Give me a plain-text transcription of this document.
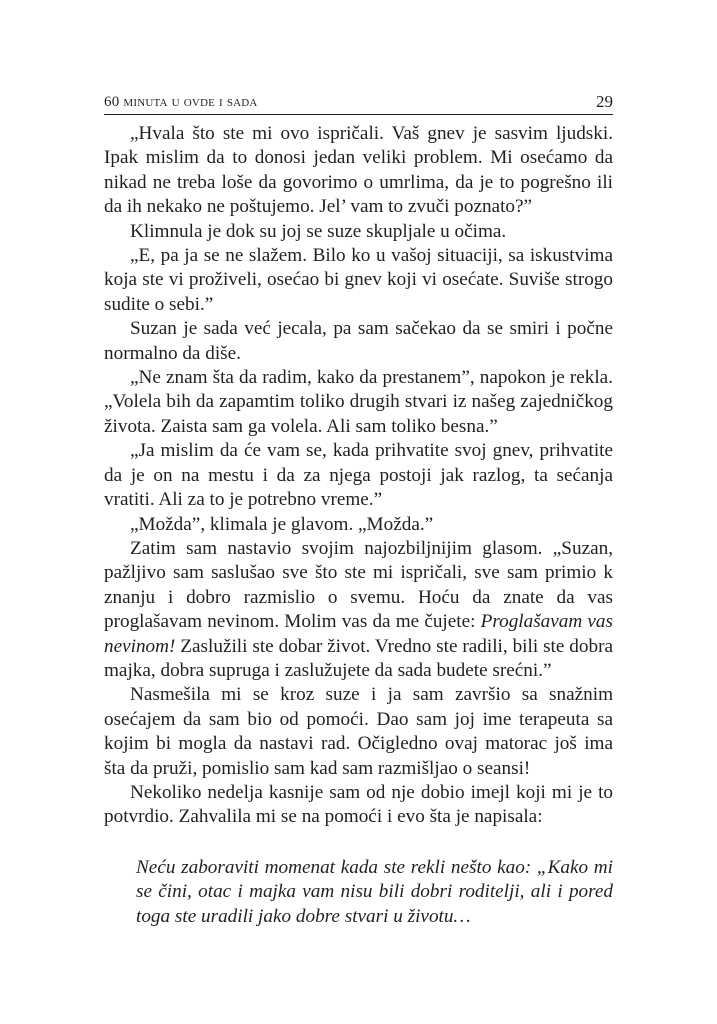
60 minuta u ovde i sada	29

„Hvala što ste mi ovo ispričali. Vaš gnev je sasvim ljudski. Ipak mislim da to donosi jedan veliki problem. Mi osećamo da nikad ne treba loše da govorimo o umrlima, da je to pogrešno ili da ih nekako ne poštujemo. Jel’ vam to zvuči poznato?”

Klimnula je dok su joj se suze skupljale u očima.

„E, pa ja se ne slažem. Bilo ko u vašoj situaciji, sa iskustvima koja ste vi proživeli, osećao bi gnev koji vi osećate. Suviše strogo sudite o sebi.”

Suzan je sada već jecala, pa sam sačekao da se smiri i počne normalno da diše.

„Ne znam šta da radim, kako da prestanem”, napokon je rekla. „Volela bih da zapamtim toliko drugih stvari iz našeg zajedničkog života. Zaista sam ga volela. Ali sam toliko besna.”

„Ja mislim da će vam se, kada prihvatite svoj gnev, prihvatite da je on na mestu i da za njega postoji jak razlog, ta sećanja vratiti. Ali za to je potrebno vreme.”

„Možda”, klimala je glavom. „Možda.”

Zatim sam nastavio svojim najozbiljnijim glasom. „Suzan, pažljivo sam saslušao sve što ste mi ispričali, sve sam primio k znanju i dobro razmislio o svemu. Hoću da znate da vas proglašavam nevinom. Molim vas da me čujete: Proglašavam vas nevinom! Zaslužili ste dobar život. Vredno ste radili, bili ste dobra majka, dobra supruga i zaslužujete da sada budete srećni.”

Nasmešila mi se kroz suze i ja sam završio sa snažnim osećajem da sam bio od pomoći. Dao sam joj ime terapeuta sa kojim bi mogla da nastavi rad. Očigledno ovaj matorac još ima šta da pruži, pomislio sam kad sam razmišljao o seansi!

Nekoliko nedelja kasnije sam od nje dobio imejl koji mi je to potvrdio. Zahvalila mi se na pomoći i evo šta je napisala:

Neću zaboraviti momenat kada ste rekli nešto kao: „Kako mi se čini, otac i majka vam nisu bili dobri roditelji, ali i pored toga ste uradili jako dobre stvari u životu…
